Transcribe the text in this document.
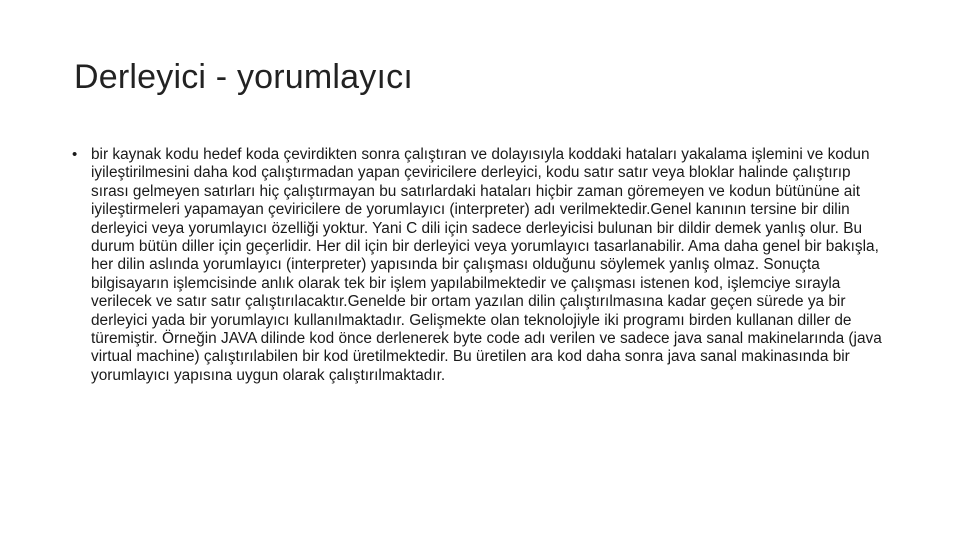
Derleyici - yorumlayıcı
• bir kaynak kodu hedef koda çevirdikten sonra çalıştıran ve dolayısıyla koddaki hataları yakalama işlemini ve kodun iyileştirilmesini daha kod çalıştırmadan yapan çeviricilere derleyici, kodu satır satır veya bloklar halinde çalıştırıp sırası gelmeyen satırları hiç çalıştırmayan bu satırlardaki hataları hiçbir zaman göremeyen ve kodun bütününe ait iyileştirmeleri yapamayan çeviricilere de yorumlayıcı (interpreter) adı verilmektedir.Genel kanının tersine bir dilin derleyici veya yorumlayıcı özelliği yoktur. Yani C dili için sadece derleyicisi bulunan bir dildir demek yanlış olur. Bu durum bütün diller için geçerlidir. Her dil için bir derleyici veya yorumlayıcı tasarlanabilir. Ama daha genel bir bakışla, her dilin aslında yorumlayıcı (interpreter) yapısında bir çalışması olduğunu söylemek yanlış olmaz. Sonuçta bilgisayarın işlemcisinde anlık olarak tek bir işlem yapılabilmektedir ve çalışması istenen kod, işlemciye sırayla verilecek ve satır satır çalıştırılacaktır.Genelde bir ortam yazılan dilin çalıştırılmasına kadar geçen sürede ya bir derleyici yada bir yorumlayıcı kullanılmaktadır. Gelişmekte olan teknolojiyle iki programı birden kullanan diller de türemiştir. Örneğin JAVA dilinde kod önce derlenerek byte code adı verilen ve sadece java sanal makinelarında (java virtual machine) çalıştırılabilen bir kod üretilmektedir. Bu üretilen ara kod daha sonra java sanal makinasında bir yorumlayıcı yapısına uygun olarak çalıştırılmaktadır.
